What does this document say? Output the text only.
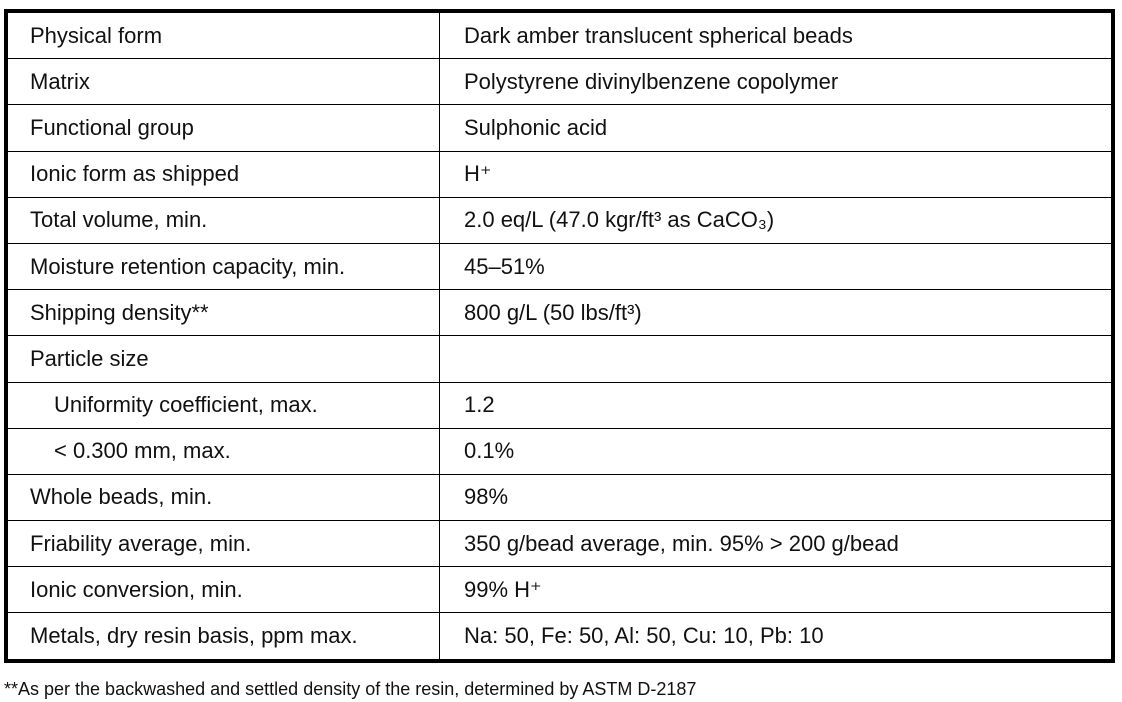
Physical form	Dark amber translucent spherical beads
Matrix	Polystyrene divinylbenzene copolymer
Functional group	Sulphonic acid
Ionic form as shipped	H⁺
Total volume, min.	2.0 eq/L (47.0 kgr/ft³ as CaCO₃)
Moisture retention capacity, min.	45–51%
Shipping density**	800 g/L (50 lbs/ft³)
Particle size	
Uniformity coefficient, max.	1.2
< 0.300 mm, max.	0.1%
Whole beads, min.	98%
Friability average, min.	350 g/bead average, min. 95% > 200 g/bead
Ionic conversion, min.	99% H⁺
Metals, dry resin basis, ppm max.	Na: 50, Fe: 50, Al: 50, Cu: 10, Pb: 10
**As per the backwashed and settled density of the resin, determined by ASTM D-2187
